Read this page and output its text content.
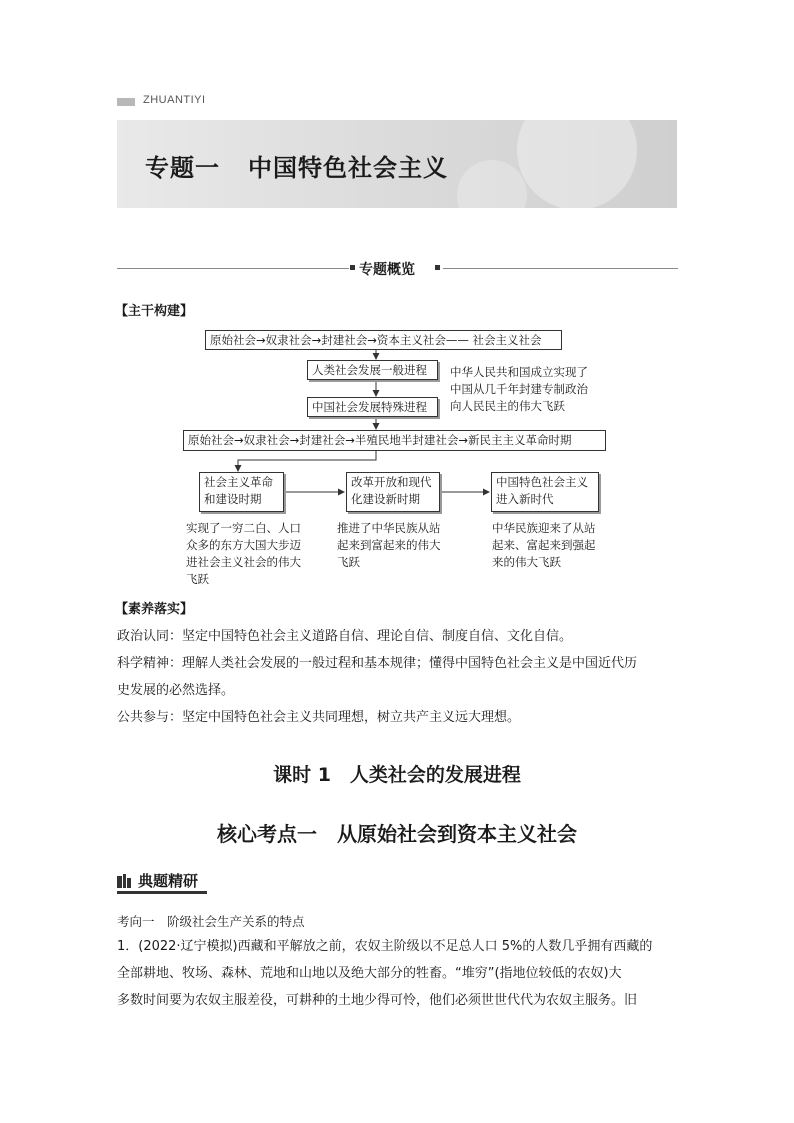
ZHUANTIYI
专题一 中国特色社会主义
专题概览
【主干构建】
原始社会→奴隶社会→封建社会→资本主义社会—— 社会主义社会
人类社会发展一般进程
中国社会发展特殊进程
中华人民共和国成立实现了
中国从几千年封建专制政治
向人民民主的伟大飞跃
原始社会→奴隶社会→封建社会→半殖民地半封建社会→新民主主义革命时期
社会主义革命
和建设时期
改革开放和现代
化建设新时期
中国特色社会主义
进入新时代
实现了一穷二白、人口
众多的东方大国大步迈
进社会主义社会的伟大
飞跃
推进了中华民族从站
起来到富起来的伟大
飞跃
中华民族迎来了从站
起来、富起来到强起
来的伟大飞跃
【素养落实】
政治认同：坚定中国特色社会主义道路自信、理论自信、制度自信、文化自信。
科学精神：理解人类社会发展的一般过程和基本规律；懂得中国特色社会主义是中国近代历
史发展的必然选择。
公共参与：坚定中国特色社会主义共同理想，树立共产主义远大理想。
课时 1　人类社会的发展进程
核心考点一　从原始社会到资本主义社会
典题精研
考向一　阶级社会生产关系的特点
1．(2022·辽宁模拟)西藏和平解放之前，农奴主阶级以不足总人口 5%的人数几乎拥有西藏的
全部耕地、牧场、森林、荒地和山地以及绝大部分的牲畜。“堆穷”(指地位较低的农奴)大
多数时间要为农奴主服差役，可耕种的土地少得可怜，他们必须世世代代为农奴主服务。旧
